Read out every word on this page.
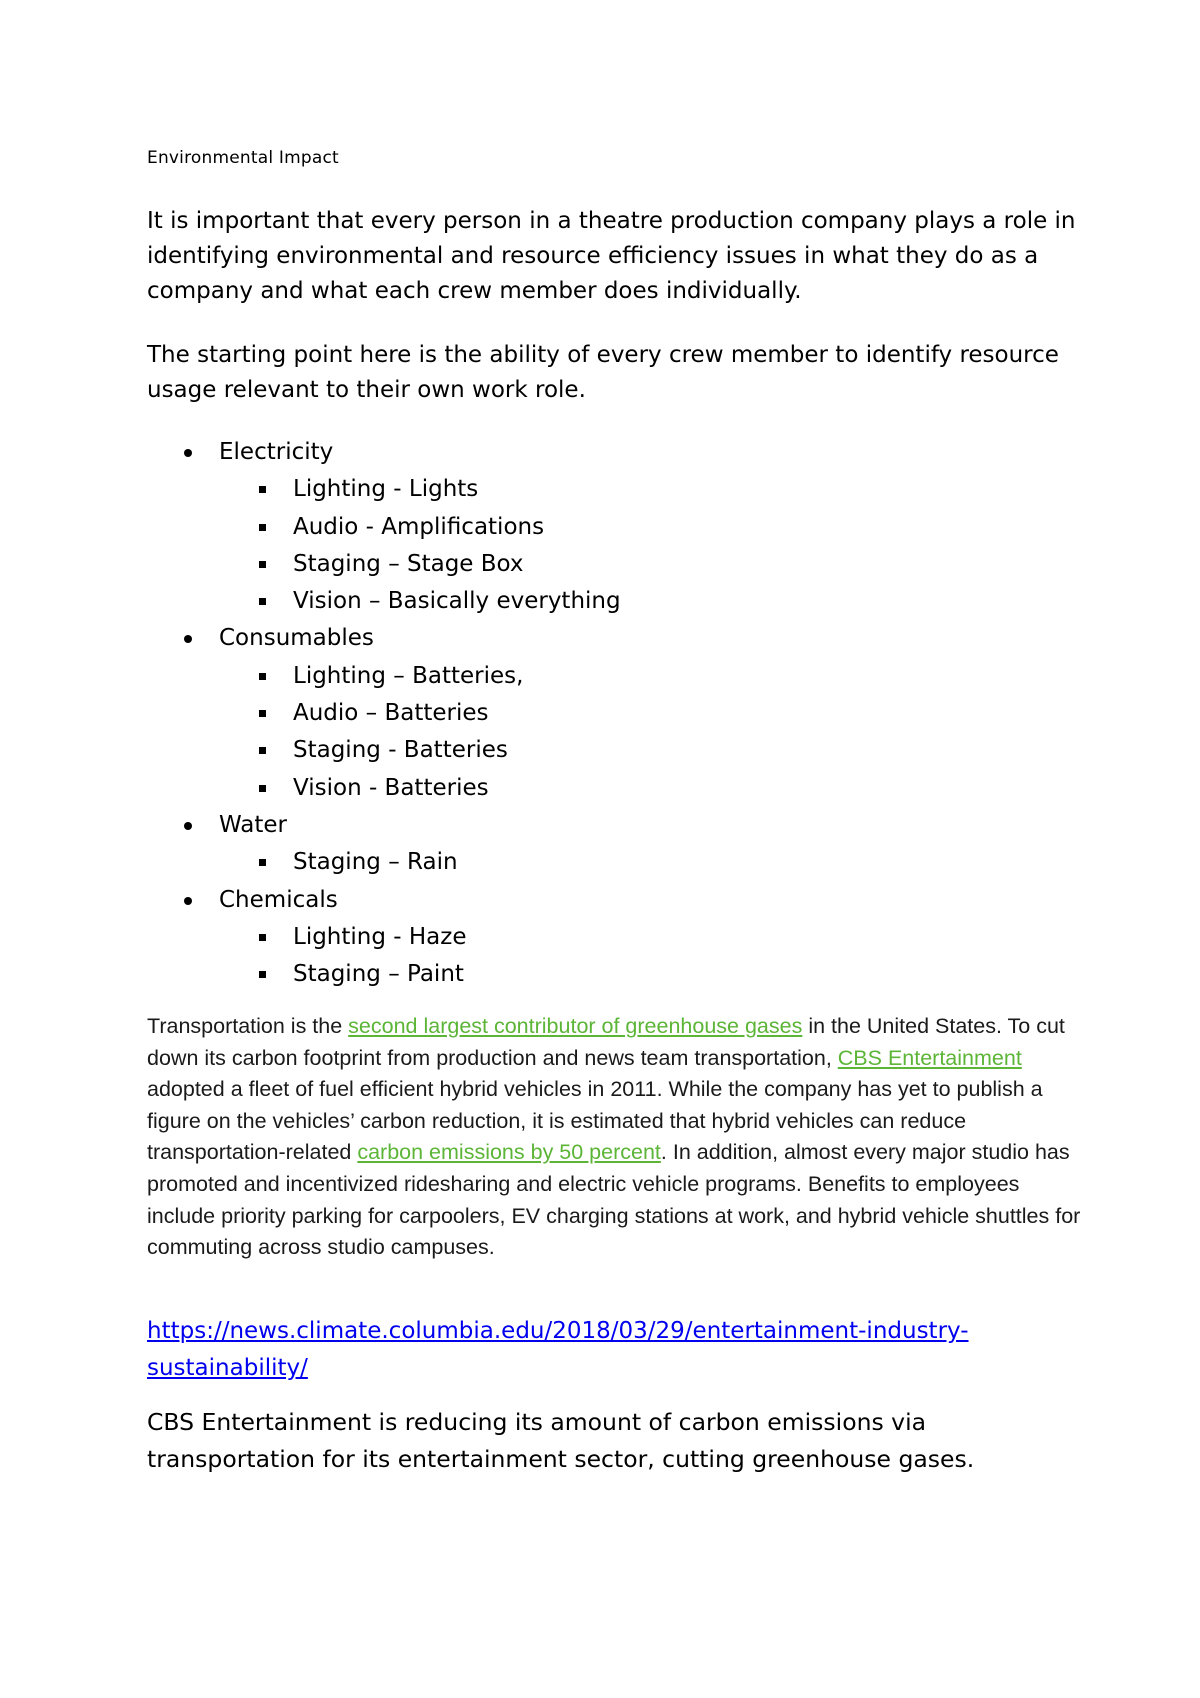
Environmental Impact

It is important that every person in a theatre production company plays a role in identifying environmental and resource efficiency issues in what they do as a company and what each crew member does individually.

The starting point here is the ability of every crew member to identify resource usage relevant to their own work role.

Electricity
Lighting - Lights
Audio - Amplifications
Staging – Stage Box
Vision – Basically everything
Consumables
Lighting – Batteries,
Audio – Batteries
Staging - Batteries
Vision - Batteries
Water
Staging – Rain
Chemicals
Lighting - Haze
Staging – Paint

Transportation is the second largest contributor of greenhouse gases in the United States. To cut down its carbon footprint from production and news team transportation, CBS Entertainment adopted a fleet of fuel efficient hybrid vehicles in 2011. While the company has yet to publish a figure on the vehicles’ carbon reduction, it is estimated that hybrid vehicles can reduce transportation-related carbon emissions by 50 percent. In addition, almost every major studio has promoted and incentivized ridesharing and electric vehicle programs. Benefits to employees include priority parking for carpoolers, EV charging stations at work, and hybrid vehicle shuttles for commuting across studio campuses.

https://news.climate.columbia.edu/2018/03/29/entertainment-industry-sustainability/

CBS Entertainment is reducing its amount of carbon emissions via transportation for its entertainment sector, cutting greenhouse gases.
